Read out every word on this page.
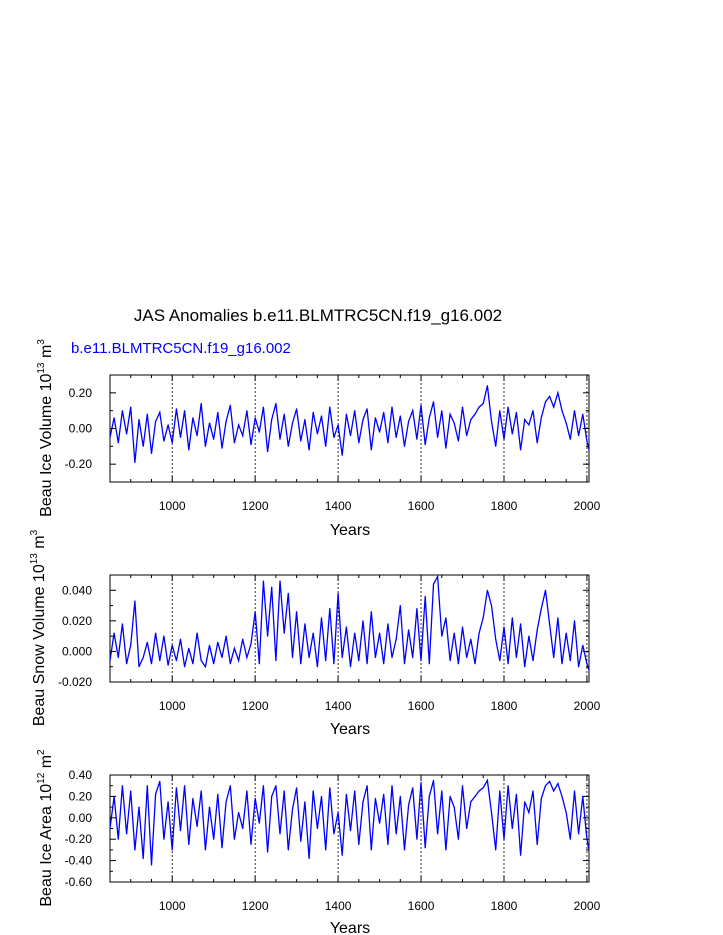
JAS Anomalies b.e11.BLMTRC5CN.f19_g16.002
b.e11.BLMTRC5CN.f19_g16.002
1000	1200	1400	1600	1800	2000
0.20
0.00
-0.20
Years
Beau Ice Volume $10^{13}$ $m^3$
1000	1200	1400	1600	1800	2000
0.040
0.020
0.000
-0.020
Years
Beau Snow Volume $10^{13}$ $m^3$
1000	1200	1400	1600	1800	2000
0.40
0.20
0.00
-0.20
-0.40
-0.60
Years
Beau Ice Area $10^{12}$ $m^2$
